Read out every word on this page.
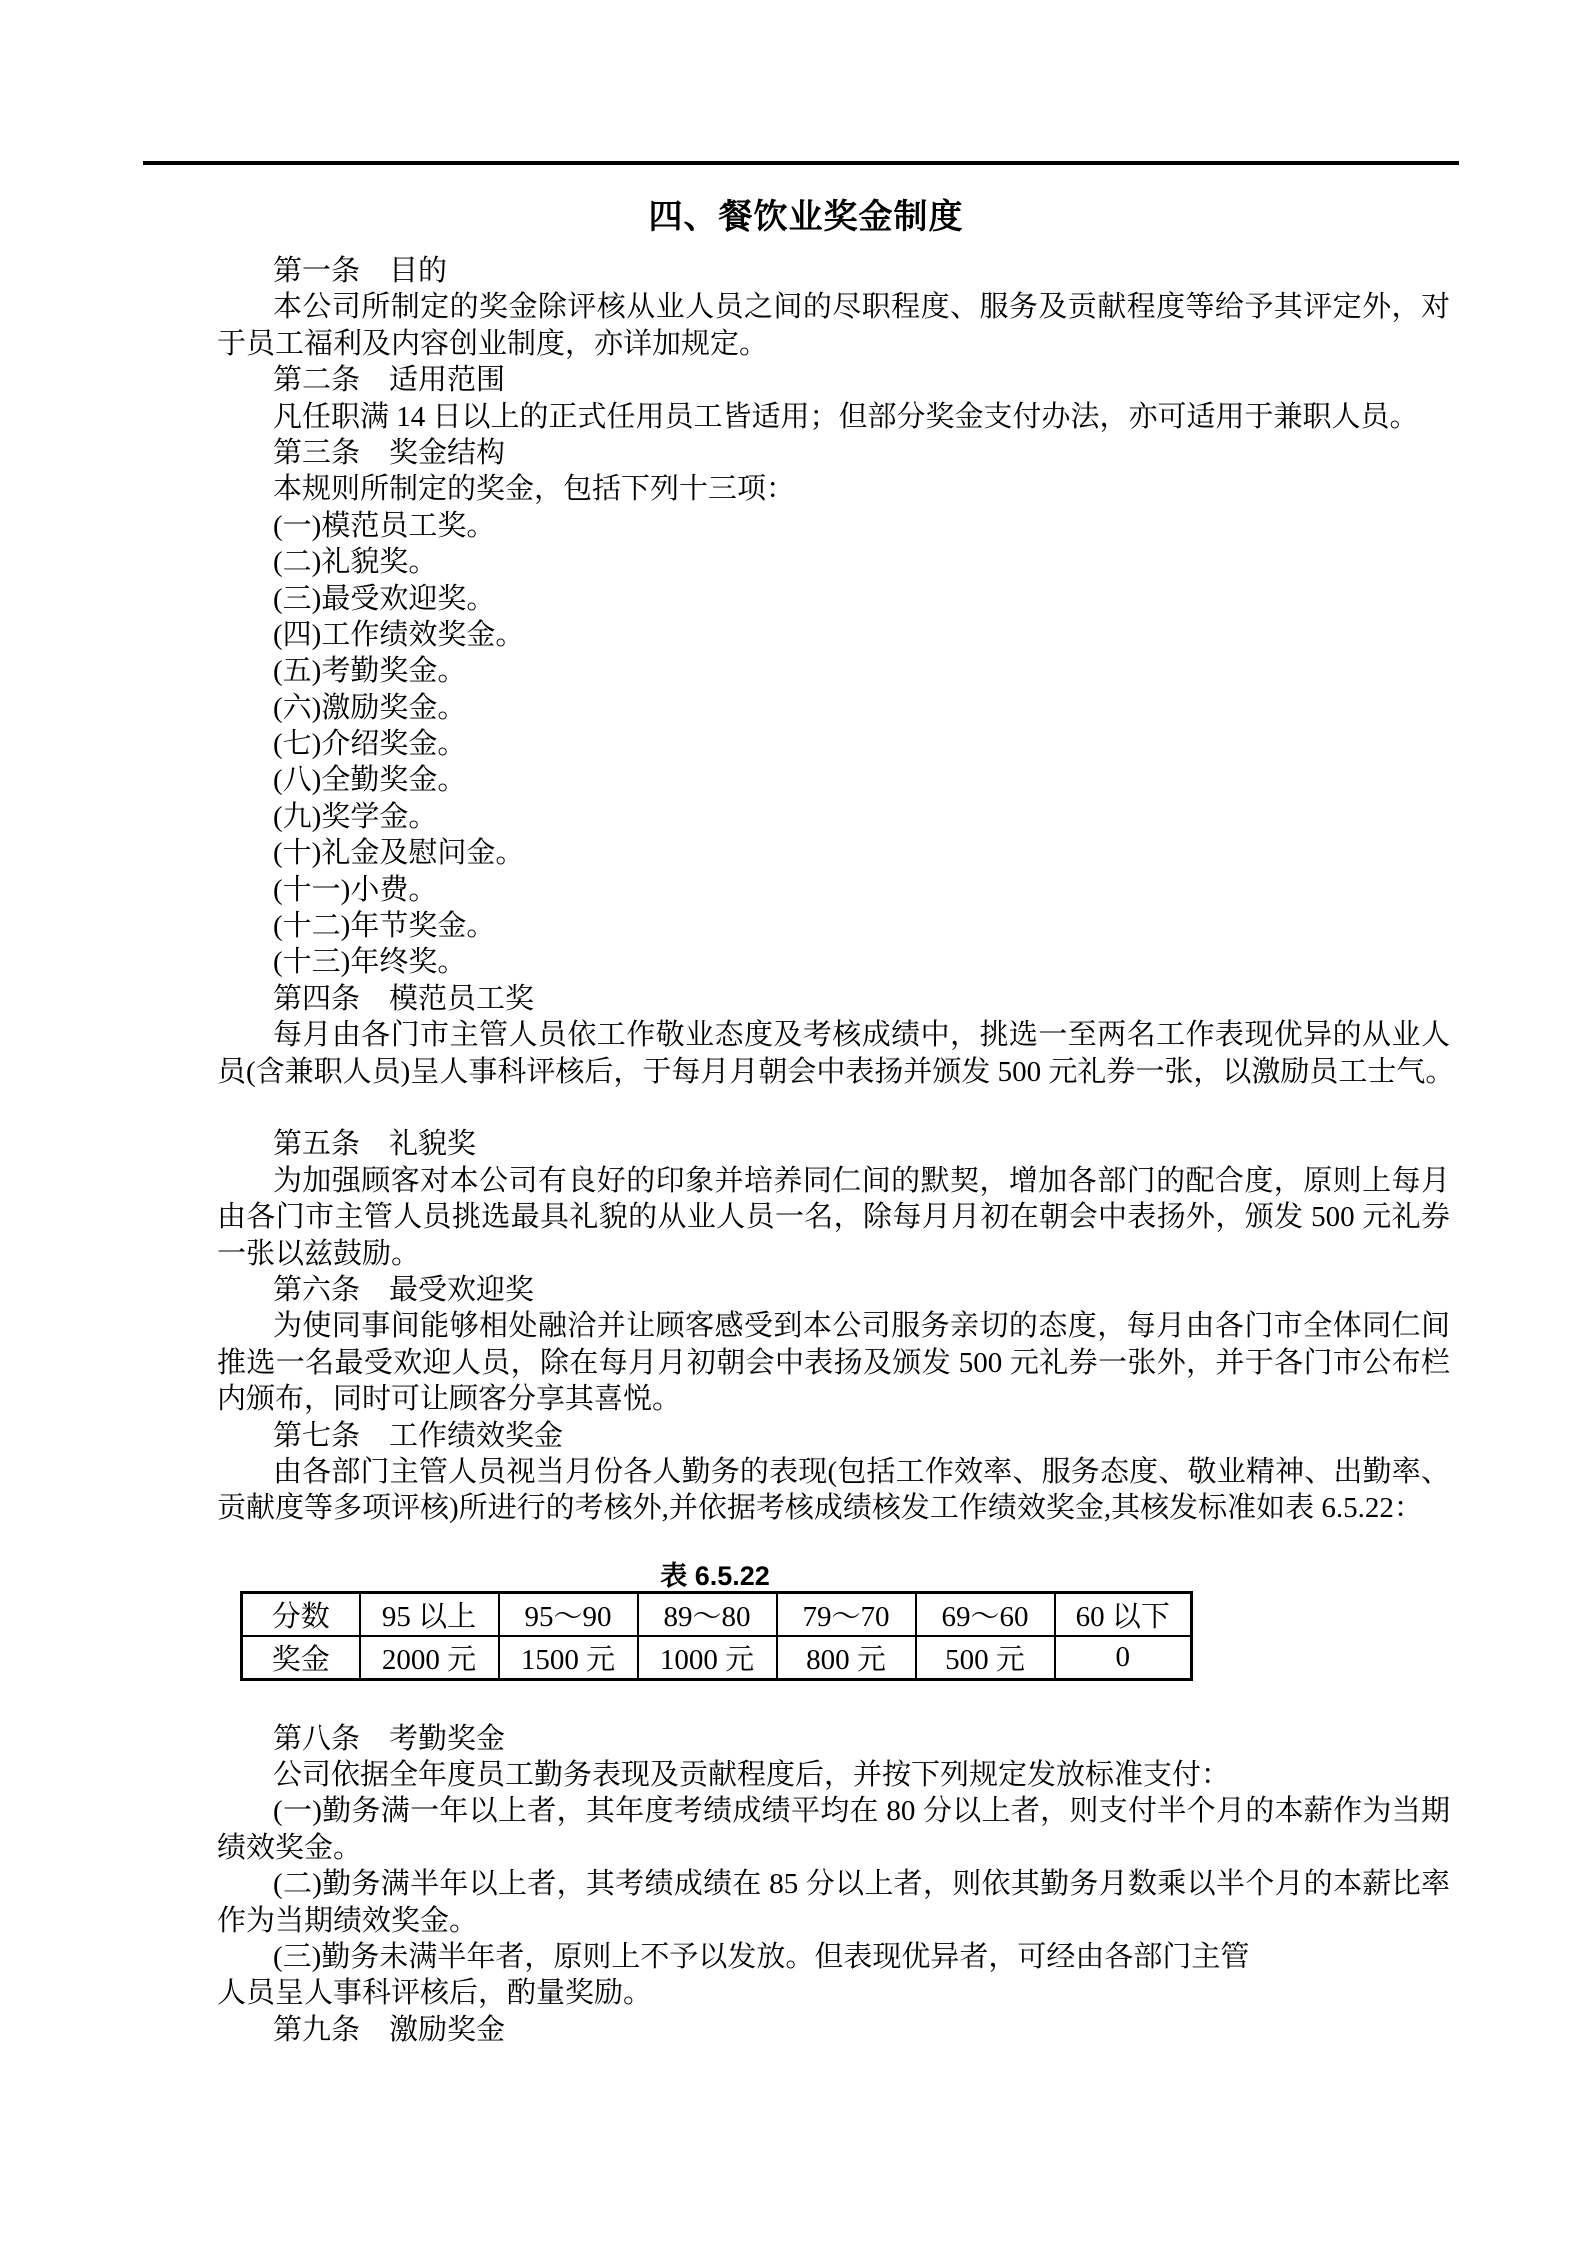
四、餐饮业奖金制度
第一条　目的
本公司所制定的奖金除评核从业人员之间的尽职程度、服务及贡献程度等给予其评定外，对
于员工福利及内容创业制度，亦详加规定。
第二条　适用范围
凡任职满 14 日以上的正式任用员工皆适用；但部分奖金支付办法，亦可适用于兼职人员。
第三条　奖金结构
本规则所制定的奖金，包括下列十三项：
(一)模范员工奖。
(二)礼貌奖。
(三)最受欢迎奖。
(四)工作绩效奖金。
(五)考勤奖金。
(六)激励奖金。
(七)介绍奖金。
(八)全勤奖金。
(九)奖学金。
(十)礼金及慰问金。
(十一)小费。
(十二)年节奖金。
(十三)年终奖。
第四条　模范员工奖
每月由各门市主管人员依工作敬业态度及考核成绩中，挑选一至两名工作表现优异的从业人
员(含兼职人员)呈人事科评核后，于每月月朝会中表扬并颁发 500 元礼券一张，以激励员工士气。
第五条　礼貌奖
为加强顾客对本公司有良好的印象并培养同仁间的默契，增加各部门的配合度，原则上每月
由各门市主管人员挑选最具礼貌的从业人员一名，除每月月初在朝会中表扬外，颁发 500 元礼券
一张以兹鼓励。
第六条　最受欢迎奖
为使同事间能够相处融洽并让顾客感受到本公司服务亲切的态度，每月由各门市全体同仁间
推选一名最受欢迎人员，除在每月月初朝会中表扬及颁发 500 元礼券一张外，并于各门市公布栏
内颁布，同时可让顾客分享其喜悦。
第七条　工作绩效奖金
由各部门主管人员视当月份各人勤务的表现(包括工作效率、服务态度、敬业精神、出勤率、
贡献度等多项评核)所进行的考核外,并依据考核成绩核发工作绩效奖金,其核发标准如表 6.5.22：
表 6.5.22
分数	95 以上	95～90	89～80	79～70	69～60	60 以下
奖金	2000 元	1500 元	1000 元	800 元	500 元	0
第八条　考勤奖金
公司依据全年度员工勤务表现及贡献程度后，并按下列规定发放标准支付：
(一)勤务满一年以上者，其年度考绩成绩平均在 80 分以上者，则支付半个月的本薪作为当期
绩效奖金。
(二)勤务满半年以上者，其考绩成绩在 85 分以上者，则依其勤务月数乘以半个月的本薪比率
作为当期绩效奖金。
(三)勤务未满半年者，原则上不予以发放。但表现优异者，可经由各部门主管
人员呈人事科评核后，酌量奖励。
第九条　激励奖金
